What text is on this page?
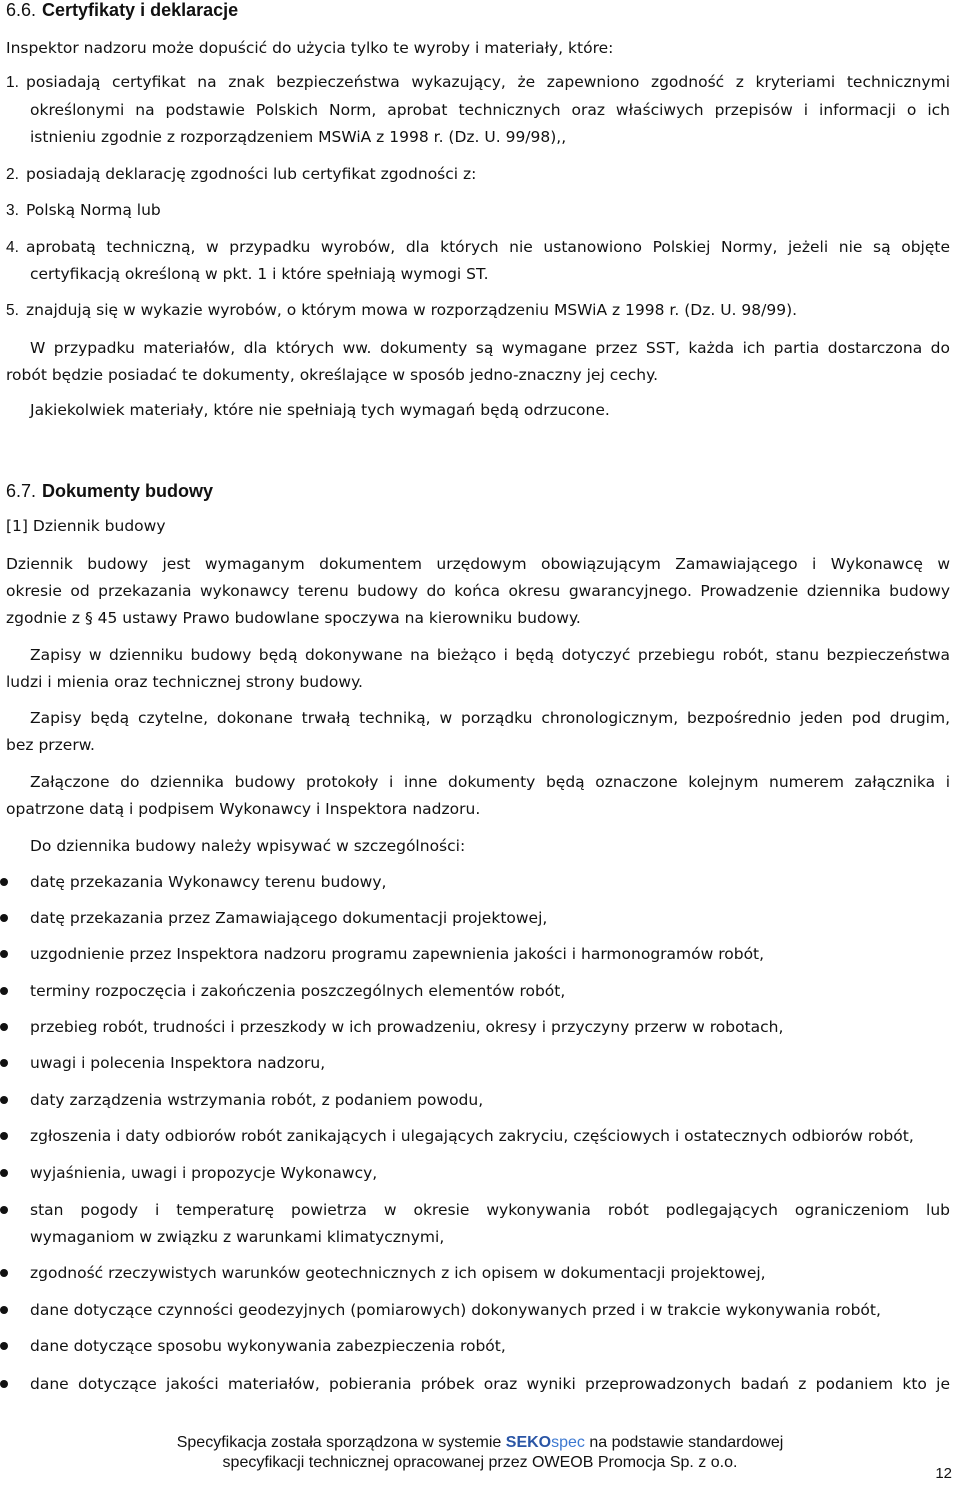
6.6. Certyfikaty i deklaracje
Inspektor nadzoru może dopuścić do użycia tylko te wyroby i materiały, które:
1. posiadają certyfikat na znak bezpieczeństwa wykazujący, że zapewniono zgodność z kryteriami technicznymi
określonymi na podstawie Polskich Norm, aprobat technicznych oraz właściwych przepisów i informacji o ich
istnieniu zgodnie z rozporządzeniem MSWiA z 1998 r. (Dz. U. 99/98),,
2. posiadają deklarację zgodności lub certyfikat zgodności z:
3. Polską Normą lub
4. aprobatą techniczną, w przypadku wyrobów, dla których nie ustanowiono Polskiej Normy, jeżeli nie są objęte
certyfikacją określoną w pkt. 1 i które spełniają wymogi ST.
5. znajdują się w wykazie wyrobów, o którym mowa w rozporządzeniu MSWiA z 1998 r. (Dz. U. 98/99).
W przypadku materiałów, dla których ww. dokumenty są wymagane przez SST, każda ich partia dostarczona do
robót będzie posiadać te dokumenty, określające w sposób jedno-znaczny jej cechy.
Jakiekolwiek materiały, które nie spełniają tych wymagań będą odrzucone.
6.7. Dokumenty budowy
[1] Dziennik budowy
Dziennik budowy jest wymaganym dokumentem urzędowym obowiązującym Zamawiającego i Wykonawcę w
okresie od przekazania wykonawcy terenu budowy do końca okresu gwarancyjnego. Prowadzenie dziennika budowy
zgodnie z § 45 ustawy Prawo budowlane spoczywa na kierowniku budowy.
Zapisy w dzienniku budowy będą dokonywane na bieżąco i będą dotyczyć przebiegu robót, stanu bezpieczeństwa
ludzi i mienia oraz technicznej strony budowy.
Zapisy będą czytelne, dokonane trwałą techniką, w porządku chronologicznym, bezpośrednio jeden pod drugim,
bez przerw.
Załączone do dziennika budowy protokoły i inne dokumenty będą oznaczone kolejnym numerem załącznika i
opatrzone datą i podpisem Wykonawcy i Inspektora nadzoru.
Do dziennika budowy należy wpisywać w szczególności:
datę przekazania Wykonawcy terenu budowy,
datę przekazania przez Zamawiającego dokumentacji projektowej,
uzgodnienie przez Inspektora nadzoru programu zapewnienia jakości i harmonogramów robót,
terminy rozpoczęcia i zakończenia poszczególnych elementów robót,
przebieg robót, trudności i przeszkody w ich prowadzeniu, okresy i przyczyny przerw w robotach,
uwagi i polecenia Inspektora nadzoru,
daty zarządzenia wstrzymania robót, z podaniem powodu,
zgłoszenia i daty odbiorów robót zanikających i ulegających zakryciu, częściowych i ostatecznych odbiorów robót,
wyjaśnienia, uwagi i propozycje Wykonawcy,
stan pogody i temperaturę powietrza w okresie wykonywania robót podlegających ograniczeniom lub
wymaganiom w związku z warunkami klimatycznymi,
zgodność rzeczywistych warunków geotechnicznych z ich opisem w dokumentacji projektowej,
dane dotyczące czynności geodezyjnych (pomiarowych) dokonywanych przed i w trakcie wykonywania robót,
dane dotyczące sposobu wykonywania zabezpieczenia robót,
dane dotyczące jakości materiałów, pobierania próbek oraz wyniki przeprowadzonych badań z podaniem kto je
Specyfikacja została sporządzona w systemie SEKOspec na podstawie standardowej
specyfikacji technicznej opracowanej przez OWEOB Promocja Sp. z o.o.
12
